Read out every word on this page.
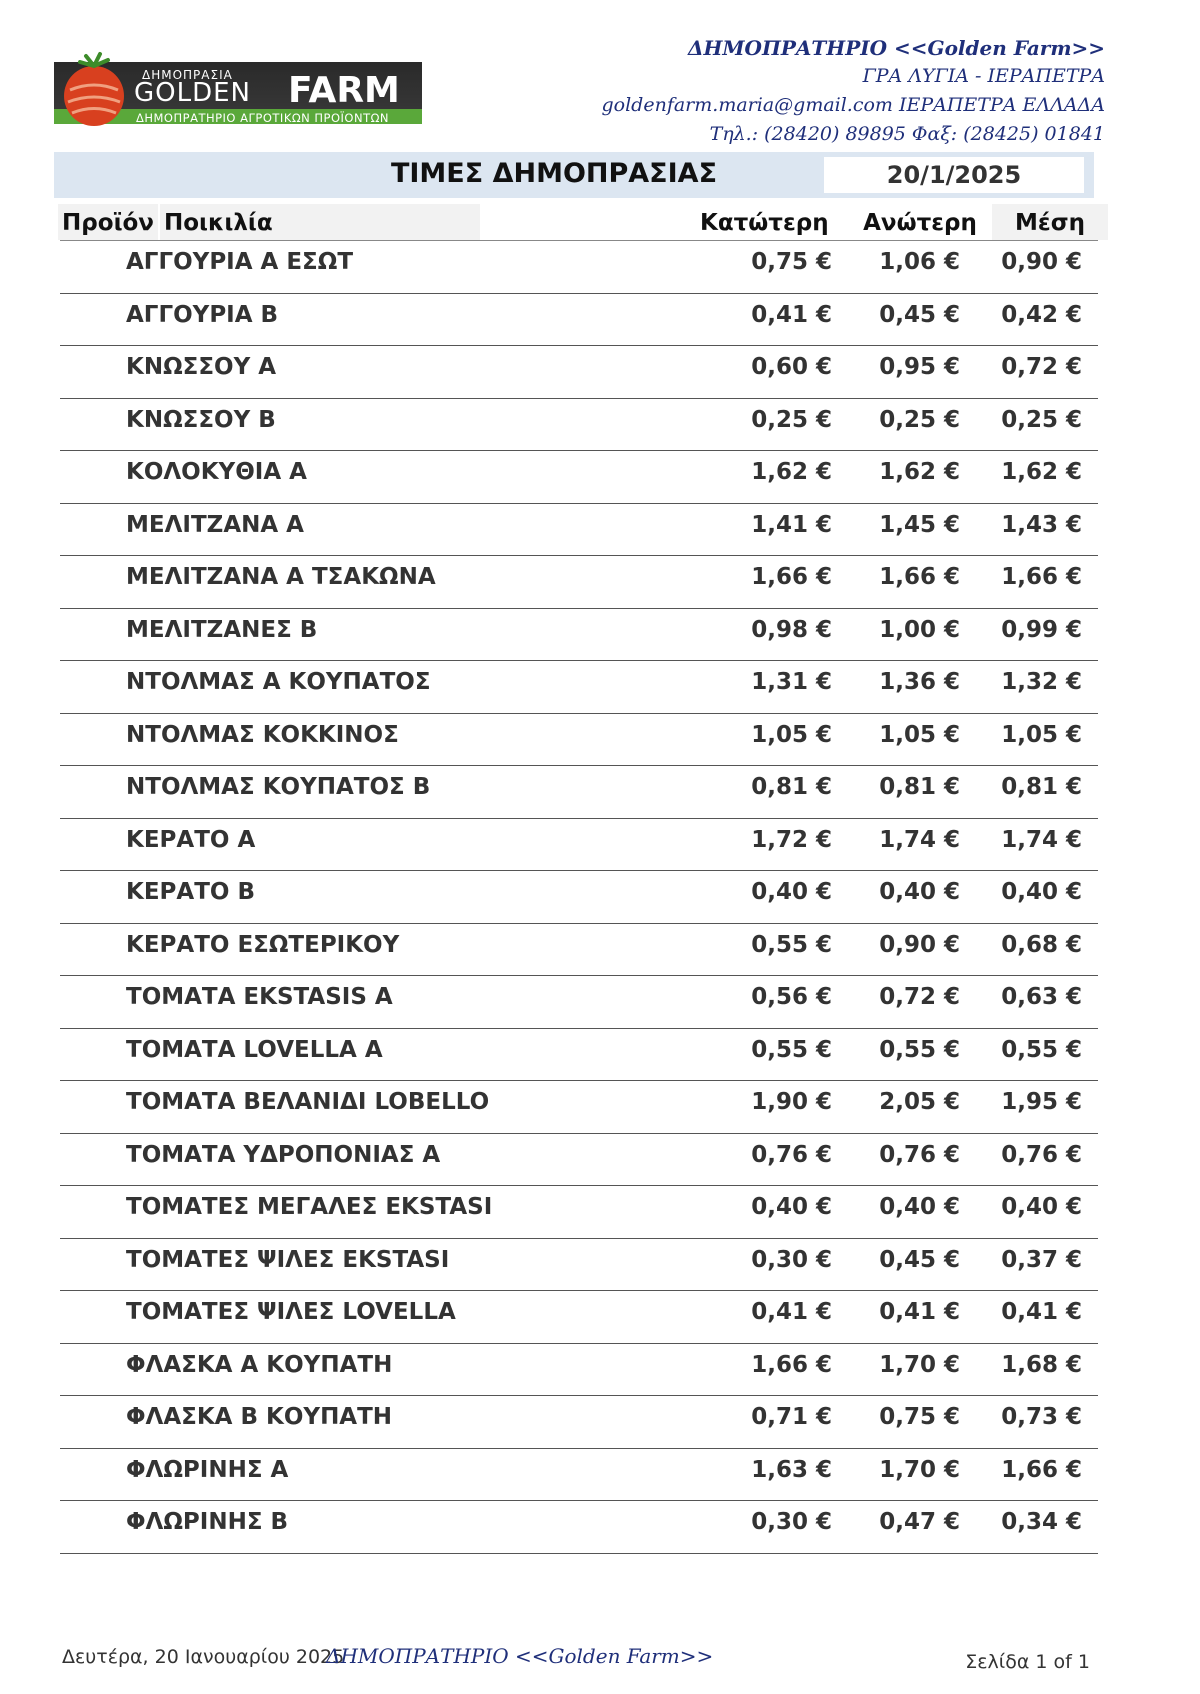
ΔΗΜΟΠΡΑΣΙΑ
GOLDEN FARM
ΔΗΜΟΠΡΑΤΗΡΙΟ ΑΓΡΟΤΙΚΩΝ ΠΡΟΪΟΝΤΩΝ
ΔΗΜΟΠΡΑΤΗΡΙΟ <<Golden Farm>>
ΓΡΑ ΛΥΓΙΑ - ΙΕΡΑΠΕΤΡΑ
goldenfarm.maria@gmail.com ΙΕΡΑΠΕΤΡΑ ΕΛΛΑΔΑ
Τηλ.: (28420) 89895 Φαξ: (28425) 01841
ΤΙΜΕΣ ΔΗΜΟΠΡΑΣΙΑΣ	20/1/2025
Προϊόν Ποικιλία	Κατώτερη Ανώτερη	Μέση
ΑΓΓΟΥΡΙΑ Α ΕΣΩΤ	0,75 € 1,06 € 0,90 €
ΑΓΓΟΥΡΙΑ Β	0,41 € 0,45 € 0,42 €
ΚΝΩΣΣΟΥ Α	0,60 € 0,95 € 0,72 €
ΚΝΩΣΣΟΥ Β	0,25 € 0,25 € 0,25 €
ΚΟΛΟΚΥΘΙΑ Α	1,62 € 1,62 € 1,62 €
ΜΕΛΙΤΖΑΝΑ Α	1,41 € 1,45 € 1,43 €
ΜΕΛΙΤΖΑΝΑ Α ΤΣΑΚΩΝΑ	1,66 € 1,66 € 1,66 €
ΜΕΛΙΤΖΑΝΕΣ Β	0,98 € 1,00 € 0,99 €
ΝΤΟΛΜΑΣ Α ΚΟΥΠΑΤΟΣ	1,31 € 1,36 € 1,32 €
ΝΤΟΛΜΑΣ ΚΟΚΚΙΝΟΣ	1,05 € 1,05 € 1,05 €
ΝΤΟΛΜΑΣ ΚΟΥΠΑΤΟΣ Β	0,81 € 0,81 € 0,81 €
ΚΕΡΑΤΟ Α	1,72 € 1,74 € 1,74 €
ΚΕΡΑΤΟ Β	0,40 € 0,40 € 0,40 €
ΚΕΡΑΤΟ ΕΣΩΤΕΡΙΚΟΥ	0,55 € 0,90 € 0,68 €
ΤΟΜΑΤΑ EKSTASIS Α	0,56 € 0,72 € 0,63 €
ΤΟΜΑΤΑ LOVELLA Α	0,55 € 0,55 € 0,55 €
ΤΟΜΑΤΑ ΒΕΛΑΝΙΔΙ LOBELLO	1,90 € 2,05 € 1,95 €
ΤΟΜΑΤΑ ΥΔΡΟΠΟΝΙΑΣ Α	0,76 € 0,76 € 0,76 €
ΤΟΜΑΤΕΣ ΜΕΓΑΛΕΣ EKSTASI	0,40 € 0,40 € 0,40 €
ΤΟΜΑΤΕΣ ΨΙΛΕΣ EKSTASI	0,30 € 0,45 € 0,37 €
ΤΟΜΑΤΕΣ ΨΙΛΕΣ LOVELLA	0,41 € 0,41 € 0,41 €
ΦΛΑΣΚΑ Α ΚΟΥΠΑΤΗ	1,66 € 1,70 € 1,68 €
ΦΛΑΣΚΑ Β ΚΟΥΠΑΤΗ	0,71 € 0,75 € 0,73 €
ΦΛΩΡΙΝΗΣ Α	1,63 € 1,70 € 1,66 €
ΦΛΩΡΙΝΗΣ Β	0,30 € 0,47 € 0,34 €
Δευτέρα, 20 Ιανουαρίου 2025
ΔΗΜΟΠΡΑΤΗΡΙΟ <<Golden Farm>>	Σελίδα 1 of 1
